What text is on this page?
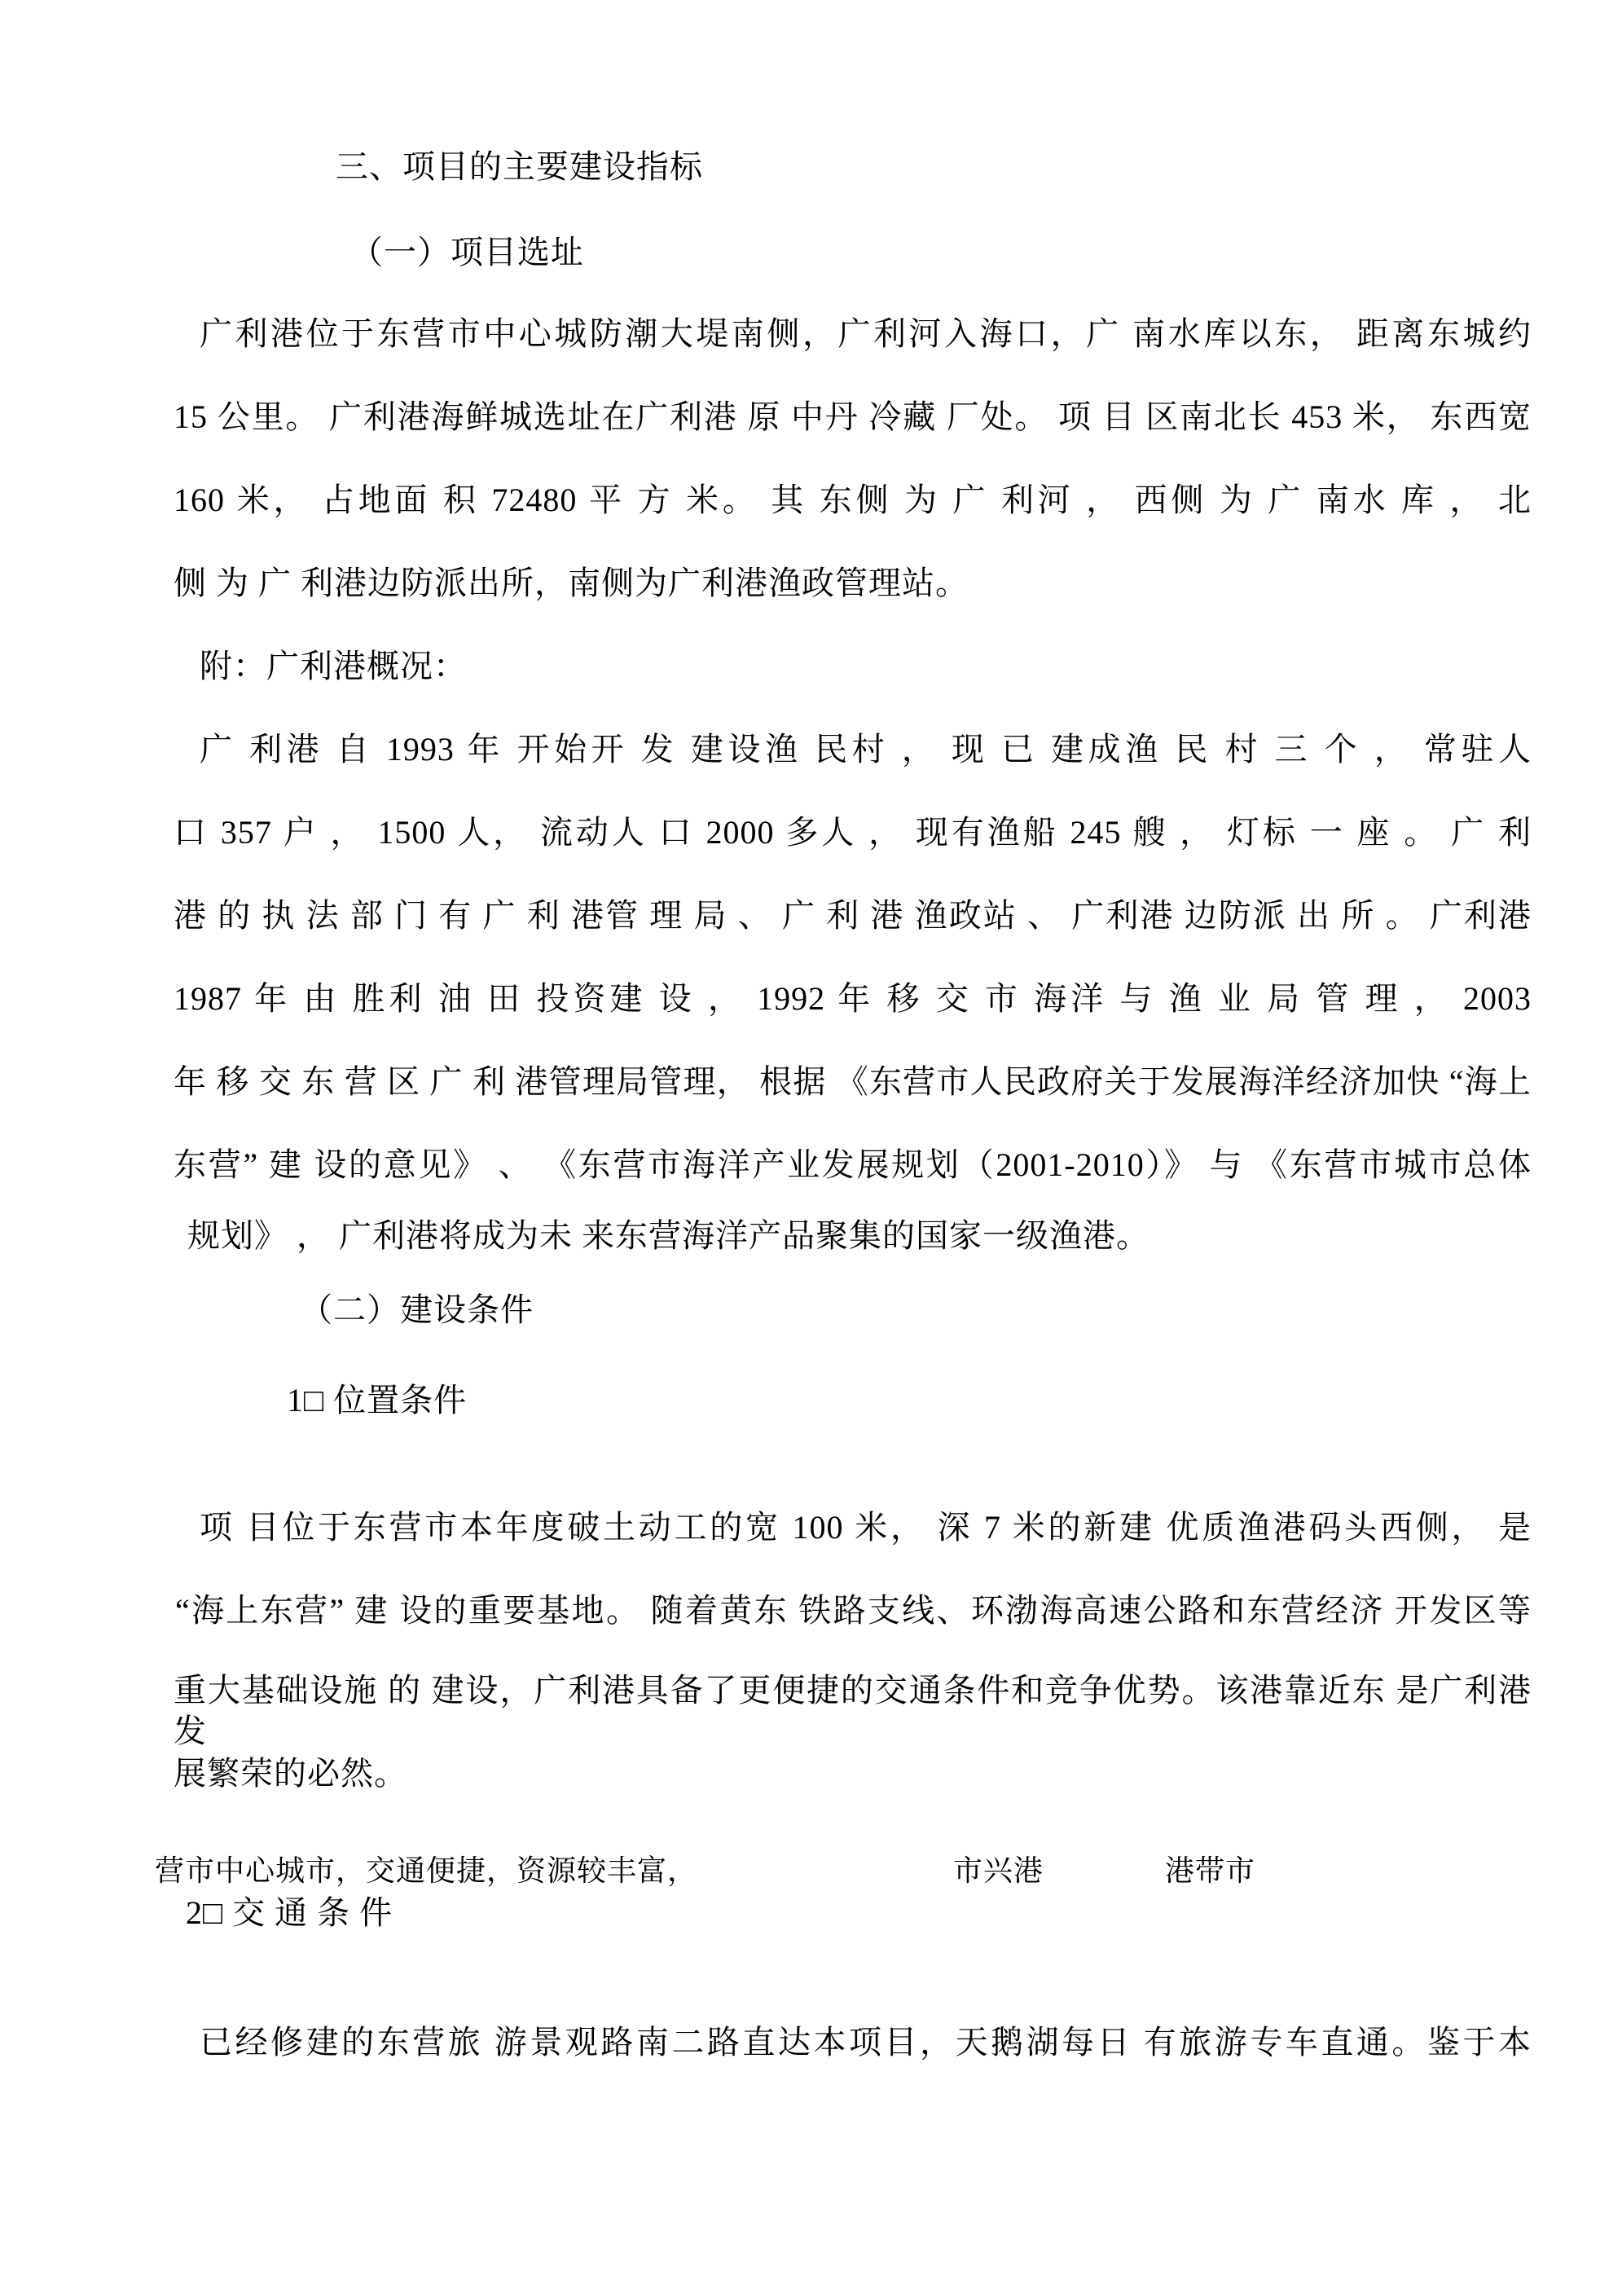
三、项目的主要建设指标
（一）项目选址
广利港位于东营市中心城防潮大堤南侧，广利河入海口，广 南水库以东， 距离东城约
15 公里。 广利港海鲜城选址在广利港 原 中丹 冷藏 厂处。 项 目 区南北长 453 米， 东西宽
160 米， 占地面 积 72480 平 方 米。 其 东侧 为 广 利河 ， 西侧 为 广 南水 库 ， 北
侧 为 广 利港边防派出所，南侧为广利港渔政管理站。
附：广利港概况：
广 利港 自 1993 年 开始开 发 建设渔 民村 ， 现 已 建成渔 民 村 三 个 ， 常驻人
口 357 户 ， 1500 人， 流动人 口 2000 多人 ， 现有渔船 245 艘 ， 灯标 一 座 。 广 利
港 的 执 法 部 门 有 广 利 港管 理 局 、 广 利 港 渔政站 、 广利港 边防派 出 所 。 广利港
1987 年 由 胜利 油 田 投资建 设 ， 1992 年 移 交 市 海洋 与 渔 业 局 管 理 ， 2003
年 移 交 东 营 区 广 利 港管理局管理， 根据 《东营市人民政府关于发展海洋经济加快 “海上
东营” 建 设的意见》 、 《东营市海洋产业发展规划（2001-2010）》 与 《东营市城市总体
规划》 ， 广利港将成为未 来东营海洋产品聚集的国家一级渔港。
（二）建设条件
1□ 位置条件
项 目位于东营市本年度破土动工的宽 100 米， 深 7 米的新建 优质渔港码头西侧， 是
“海上东营” 建 设的重要基地。 随着黄东 铁路支线、环渤海高速公路和东营经济 开发区等
重大基础设施 的 建设，广利港具备了更便捷的交通条件和竞争优势。该港靠近东 是广利港发
展繁荣的必然。
营市中心城市，交通便捷，资源较丰富，	市兴港	港带市
2□ 交 通 条 件
已经修建的东营旅 游景观路南二路直达本项目，天鹅湖每日 有旅游专车直通。鉴于本
